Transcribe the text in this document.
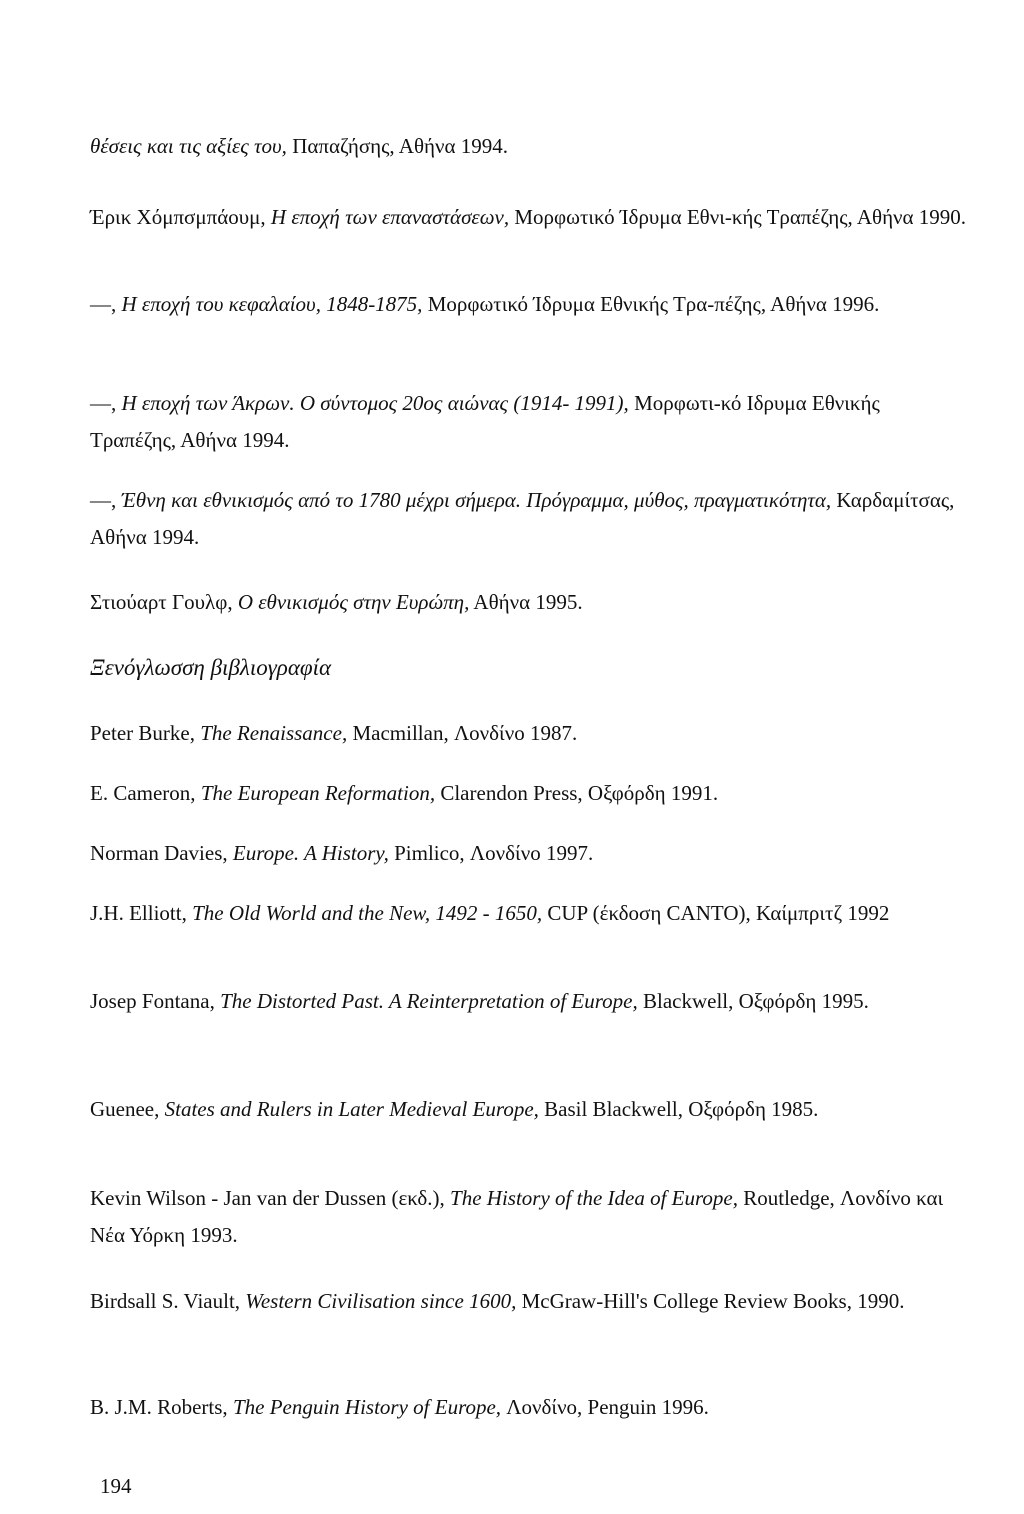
θέσεις και τις αξίες του, Παπαζήσης, Αθήνα 1994.

Έρικ Χόμπσμπάουμ, Η εποχή των επαναστάσεων, Μορφωτικό Ίδρυμα Εθνι-κής Τραπέζης, Αθήνα 1990.

—, Η εποχή του κεφαλαίου, 1848-1875, Μορφωτικό Ίδρυμα Εθνικής Τρα-πέζης, Αθήνα 1996.

—, Η εποχή των Άκρων. Ο σύντομος 20ος αιώνας (1914- 1991), Μορφωτι-κό Ιδρυμα Εθνικής Τραπέζης, Αθήνα 1994.

—, Έθνη και εθνικισμός από το 1780 μέχρι σήμερα. Πρόγραμμα, μύθος, πραγματικότητα, Καρδαμίτσας, Αθήνα 1994.

Στιούαρτ Γουλφ, Ο εθνικισμός στην Ευρώπη, Αθήνα 1995.

Ξενόγλωσση βιβλιογραφία

Peter Burke, The Renaissance, Macmillan, Λονδίνο 1987.

E. Cameron, The European Reformation, Clarendon Press, Οξφόρδη 1991.

Norman Davies, Europe. A History, Pimlico, Λονδίνο 1997.

J.H. Elliott, The Old World and the New, 1492 - 1650, CUP (έκδοση CANTO), Καίμπριτζ 1992

Josep Fontana, The Distorted Past. A Reinterpretation of Europe, Blackwell, Οξφόρδη 1995.

Guenee, States and Rulers in Later Medieval Europe, Basil Blackwell, Οξφόρδη 1985.

Kevin Wilson - Jan van der Dussen (εκδ.), The History of the Idea of Europe, Routledge, Λονδίνο και Νέα Υόρκη 1993.

Birdsall S. Viault, Western Civilisation since 1600, McGraw-Hill's College Review Books, 1990.

B. J.M. Roberts, The Penguin History of Europe, Λονδίνο, Penguin 1996.

194
